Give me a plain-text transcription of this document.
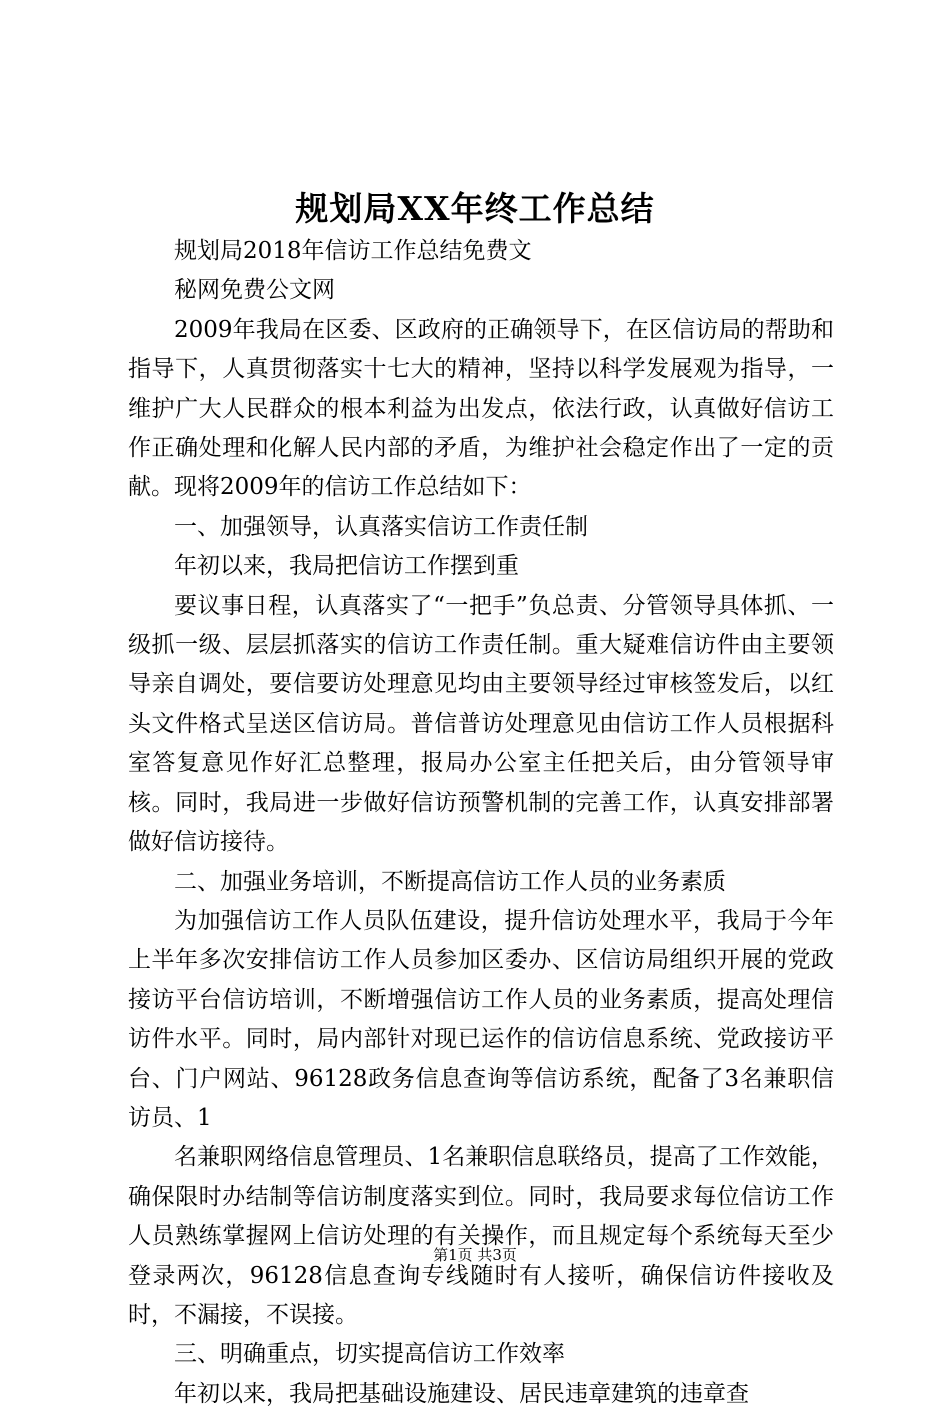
规划局XX年终工作总结

规划局2018年信访工作总结免费文

秘网免费公文网

2009年我局在区委、区政府的正确领导下，在区信访局的帮助和指导下，人真贯彻落实十七大的精神，坚持以科学发展观为指导，一维护广大人民群众的根本利益为出发点，依法行政，认真做好信访工作正确处理和化解人民内部的矛盾，为维护社会稳定作出了一定的贡献。现将2009年的信访工作总结如下：

一、加强领导，认真落实信访工作责任制

年初以来，我局把信访工作摆到重

要议事日程，认真落实了“一把手”负总责、分管领导具体抓、一级抓一级、层层抓落实的信访工作责任制。重大疑难信访件由主要领导亲自调处，要信要访处理意见均由主要领导经过审核签发后，以红头文件格式呈送区信访局。普信普访处理意见由信访工作人员根据科室答复意见作好汇总整理，报局办公室主任把关后，由分管领导审核。同时，我局进一步做好信访预警机制的完善工作，认真安排部署做好信访接待。

二、加强业务培训，不断提高信访工作人员的业务素质

为加强信访工作人员队伍建设，提升信访处理水平，我局于今年上半年多次安排信访工作人员参加区委办、区信访局组织开展的党政接访平台信访培训，不断增强信访工作人员的业务素质，提高处理信访件水平。同时，局内部针对现已运作的信访信息系统、党政接访平台、门户网站、96128政务信息查询等信访系统，配备了3名兼职信访员、1

名兼职网络信息管理员、1名兼职信息联络员，提高了工作效能，确保限时办结制等信访制度落实到位。同时，我局要求每位信访工作人员熟练掌握网上信访处理的有关操作，而且规定每个系统每天至少登录两次，96128信息查询专线随时有人接听，确保信访件接收及时，不漏接，不误接。

三、明确重点，切实提高信访工作效率

年初以来，我局把基础设施建设、居民违章建筑的违章查

第1页 共3页
